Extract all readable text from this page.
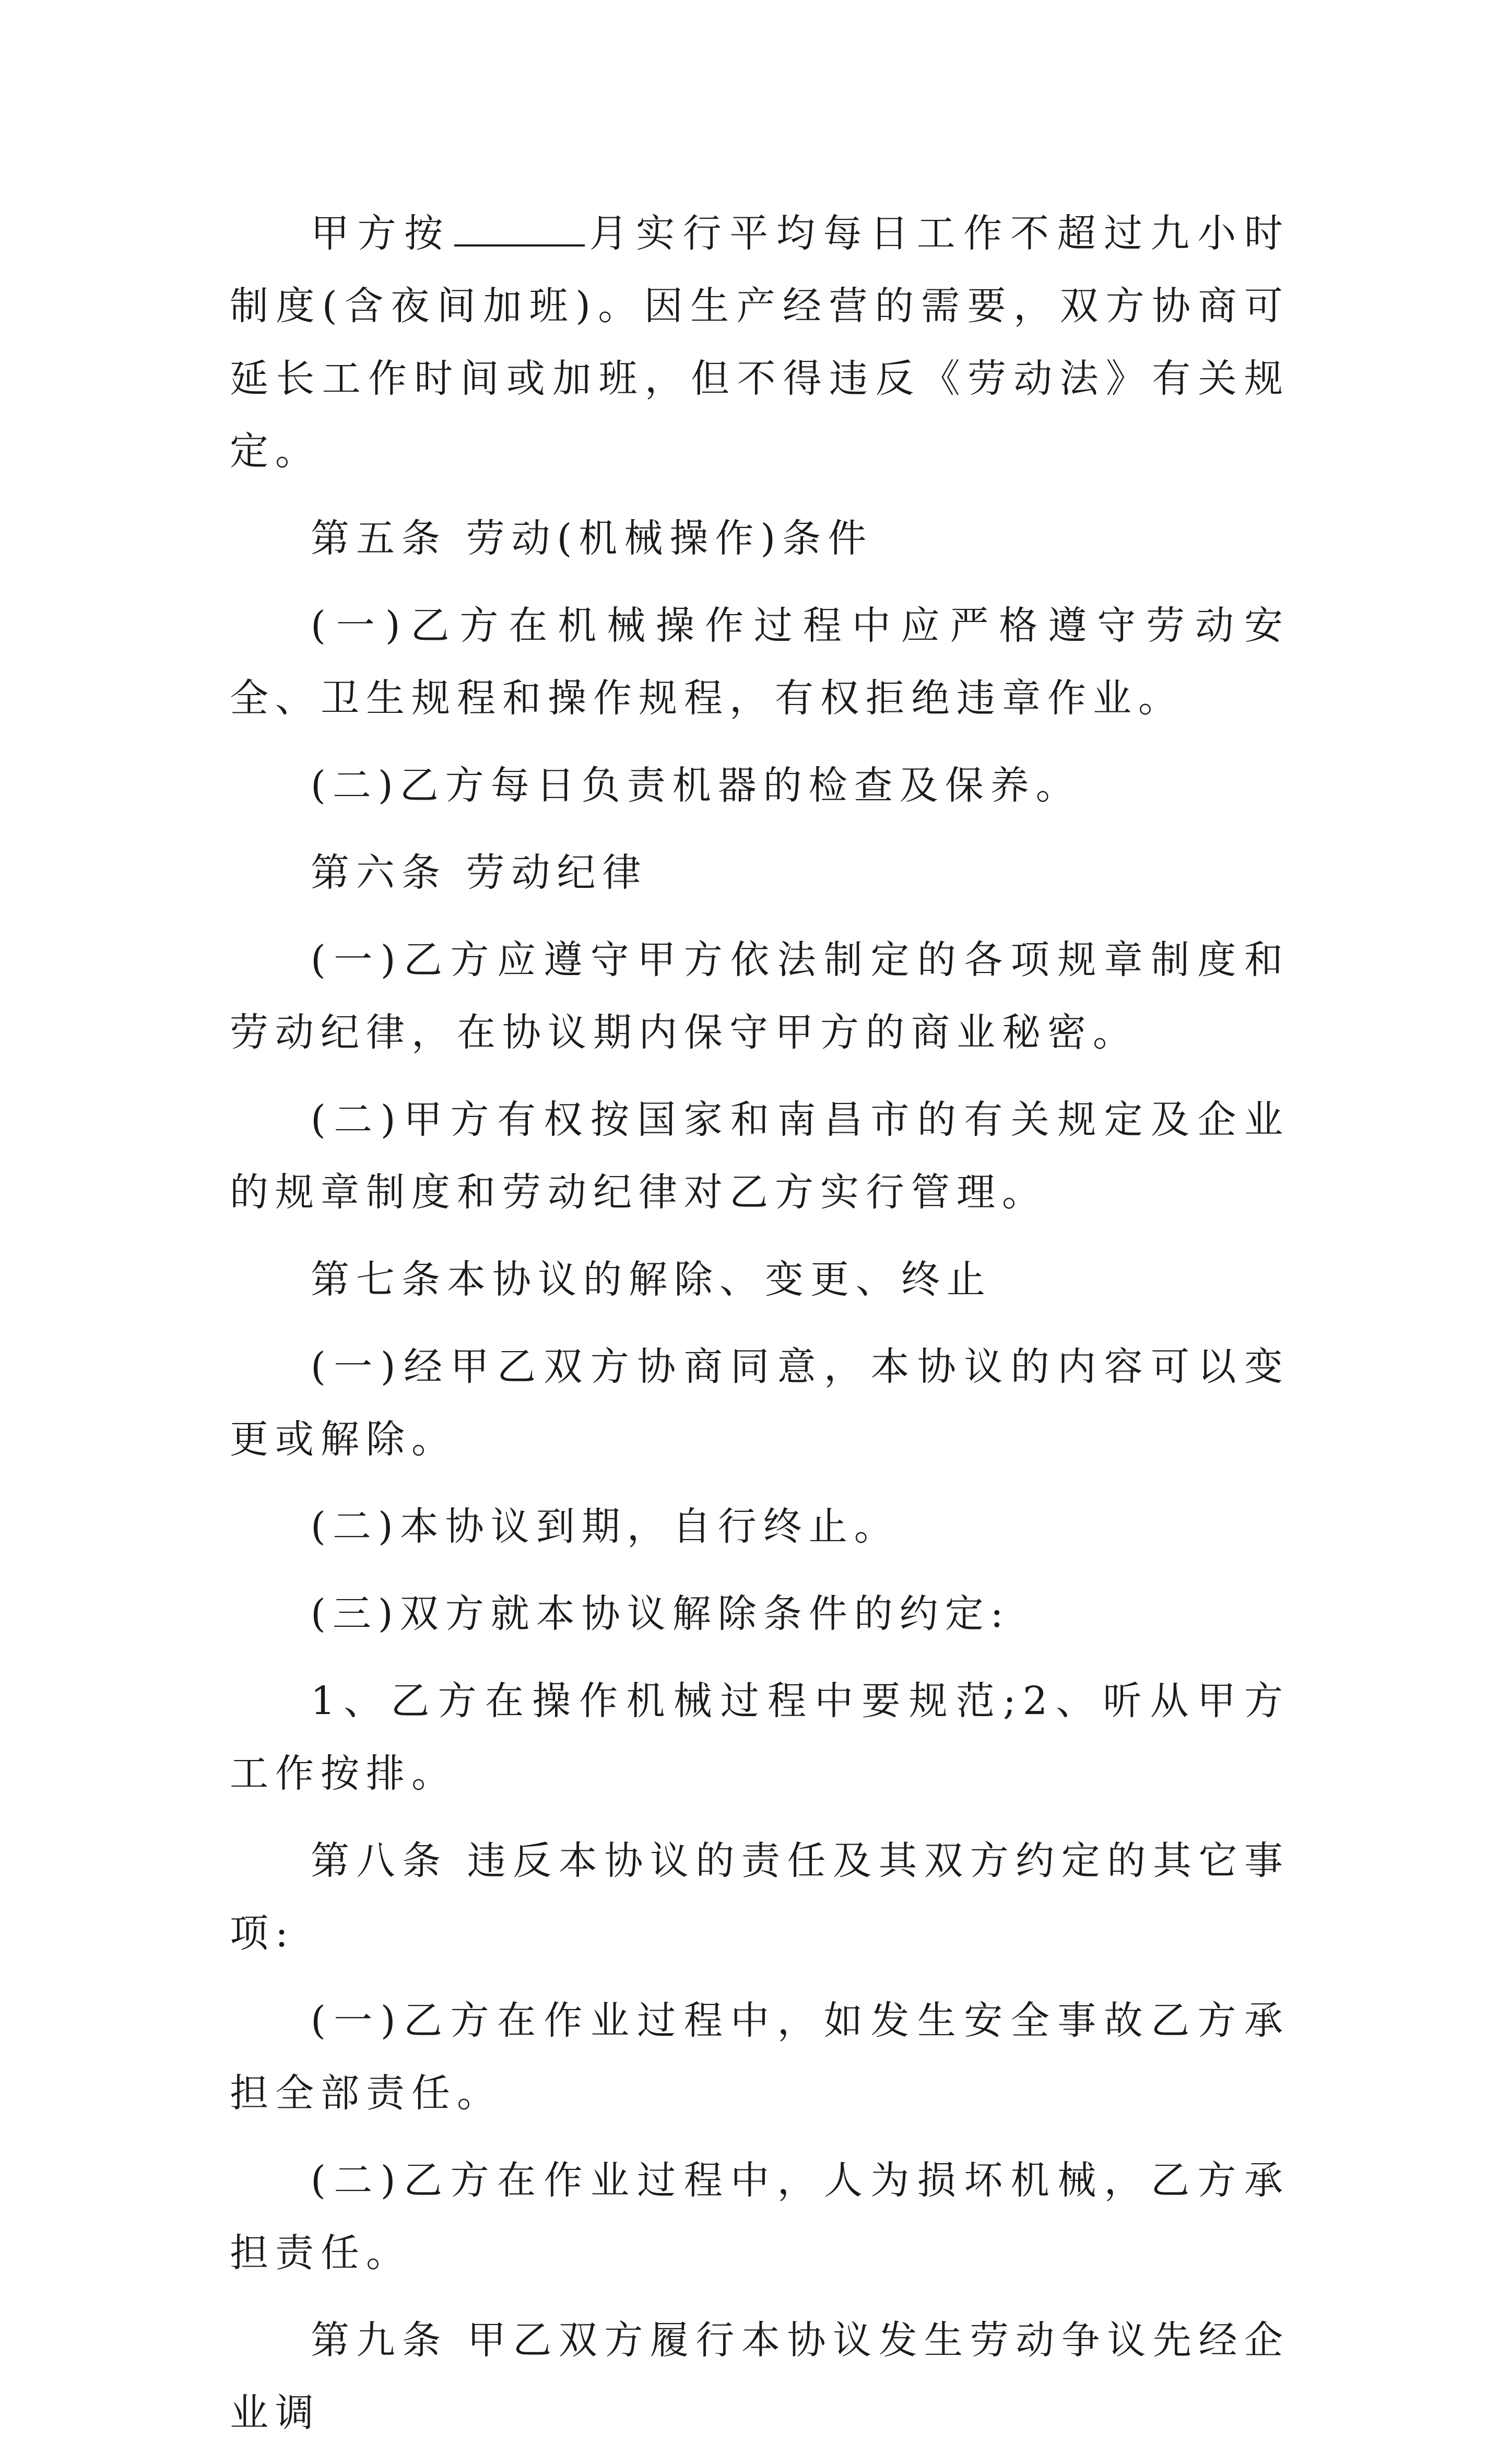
甲方按	月实行平均每日工作不超过九小时制度(含夜间加班)。因生产经营的需要，双方协商可延长工作时间或加班，但不得违反《劳动法》有关规定。

第五条 劳动(机械操作)条件

(一)乙方在机械操作过程中应严格遵守劳动安全、卫生规程和操作规程，有权拒绝违章作业。

(二)乙方每日负责机器的检查及保养。

第六条 劳动纪律

(一)乙方应遵守甲方依法制定的各项规章制度和劳动纪律，在协议期内保守甲方的商业秘密。

(二)甲方有权按国家和南昌市的有关规定及企业的规章制度和劳动纪律对乙方实行管理。

第七条本协议的解除、变更、终止

(一)经甲乙双方协商同意，本协议的内容可以变更或解除。

(二)本协议到期，自行终止。

(三)双方就本协议解除条件的约定:

1、乙方在操作机械过程中要规范;2、听从甲方工作按排。

第八条 违反本协议的责任及其双方约定的其它事项:

(一)乙方在作业过程中，如发生安全事故乙方承担全部责任。

(二)乙方在作业过程中，人为损坏机械，乙方承担责任。

第九条 甲乙双方履行本协议发生劳动争议先经企业调
